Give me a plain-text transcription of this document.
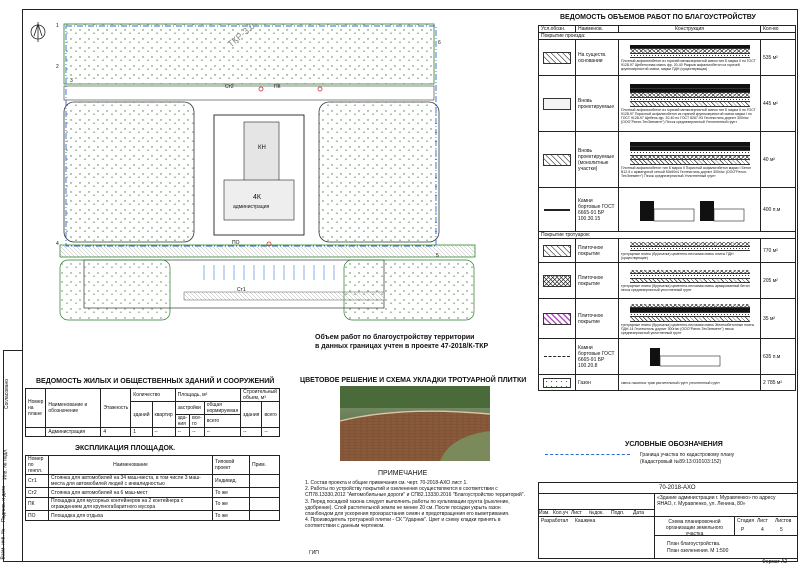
Согласовано
Инв. № подл.
Подпись и дата
Взам. инв. №
1
2
3
4
5
6
ТКР-3.0
КН
4К
администрация
Ст2	ПК
ПО
Ст1
Объем работ по благоустройству территории
в данных границах учтен в проекте 47-2018/К-ТКР
ВЕДОМОСТЬ ОБЪЕМОВ РАБОТ ПО БЛАГОУСТРОЙСТВУ
Усл.обозн.	Наименов.	Конструкция	Кол-во
Покрытие проезда:			

	На существ. основании	Плотный асфальтобетон из горячей мелкозернистой смеси тип Б марка II по ГОСТ 9128-97 Щебеночная смесь фр. 20-40 Разрыв асфальтобетон из горячей крупнозернистой смеси, марки ПДН (существующая)	535 м²

	Вновь проектируемые	Плотный асфальтобетон из горячей мелкозернистой смеси тип Б марка II по ГОСТ 9128-97 Пористый асфальтобетон из горячей крупнозернистой смеси марки I по ГОСТ 9128-97 Щебень фр. 20-40 по ГОСТ 8267-93 Геотекстиль дорнит 300г/м² (ООО"Ратон-ТехЭлемент") Песок среднезернистый Уплотненный грунт	445 м²

	Вновь проектируемые (монолитные участки)	Плотный асфальтобетон тип Б марка II Пористый асфальтобетон марки I Бетон В12.5 с арматурной сеткой 50х50х4 Геотекстиль дорнит 300г/м² (ООО"Ратон-ТехЭлемент") Песок среднезернистый Уплотненный грунт	40 м²

	Камни бортовые ГОСТ 6665-91 БР 100.30.15		400 п.м
Покрытие тротуаров:			

	Плиточное покрытие	тротуарные плиты (брусчатка) цементно-песчаная смесь плиты ПДН (существующие)	770 м²

	Плиточное покрытие	тротуарные плиты (брусчатка) цементно-песчаная смесь армированный бетон песок среднезернистый уплотненный грунт	205 м²

	Плиточное покрытие	тротуарные плиты (брусчатка) цементно-песчаная смесь Железобетонные плиты ПДН-14 Геотекстиль дорнит 300г/м² (ООО"Ратон-ТехЭлемент") песок среднезернистый уплотненный грунт	35 м²

	Камни бортовые ГОСТ 6665-91 БР 100.20.8		635 п.м

	Газон	смесь газонных трав растительный грунт уплотненный грунт	2 785 м²
УСЛОВНЫЕ ОБОЗНАЧЕНИЯ
Граница участка по кадастровому плану
(Кадастровый №89:13:010103:152)
ВЕДОМОСТЬ ЖИЛЫХ И ОБЩЕСТВЕННЫХ ЗДАНИЙ И СООРУЖЕНИЙ
Номер на плане	Наименование и обозначение	Этажность	Количество		Площадь, м²			Строительный объем, м³	
			зданий	квартир	застройки		общая нормируемая	здания	всего
					зда-ния	все-го	всего		
	Администрация	4	1	--	--	--	--	--	--
ЭКСПЛИКАЦИЯ ПЛОЩАДОК.
Номер по генпл.	Наименование	Типовой проект	Прим.
Ст1	Стоянка для автомобилей на 34 маш-места, в том числе 3 маш-места для автомобилей людей с инвалидностью	Индивид.	
Ст2	Стоянка для автомобилей на 6 маш-мест	То же	
ПК	Площадка для мусорных контейнеров на 2 контейнера с ограждением для крупногабаритного мусора	То же	
ПО	Площадка для отдыха	То же	
ЦВЕТОВОЕ РЕШЕНИЕ И СХЕМА УКЛАДКИ ТРОТУАРНОЙ ПЛИТКИ
ПРИМЕЧАНИЕ
1. Состав проекта и общие примечания см. черт. 70-2018-АХО лист 1.
2. Работы по устройству покрытий и озеленения осуществляются в соответствии с СП78.13330.2012 "Автомобильные дороги" и СП82.13330.2016 "Благоустройство территорий".
3. Перед посадкой газона следует выполнить работы по культивации грунта (рыхление, удобрение). Слой растительной земли не менее 20 см. После посадки укрыть газон спанбондом для ускорения произрастания семян и предотвращения его выветривания.
4. Производитель тротуарной плитки - СК "Ударник". Цвет и схему кладки принять в соответствии с данным чертежом.
70-2018-АХО
«Здание администрации г. Муравленко» по адресу ЯНАО, г. Муравленко, ул. Ленина, 80»
Изм. Кол.уч Лист	№док.	Подп.	Дата
Разработал Кашкина	Схема планировочной организации земельного участка
Стадия Лист Листов
Р	4	5
План благоустройства.
План озеленения. М 1:500
ГИП
Формат А2
